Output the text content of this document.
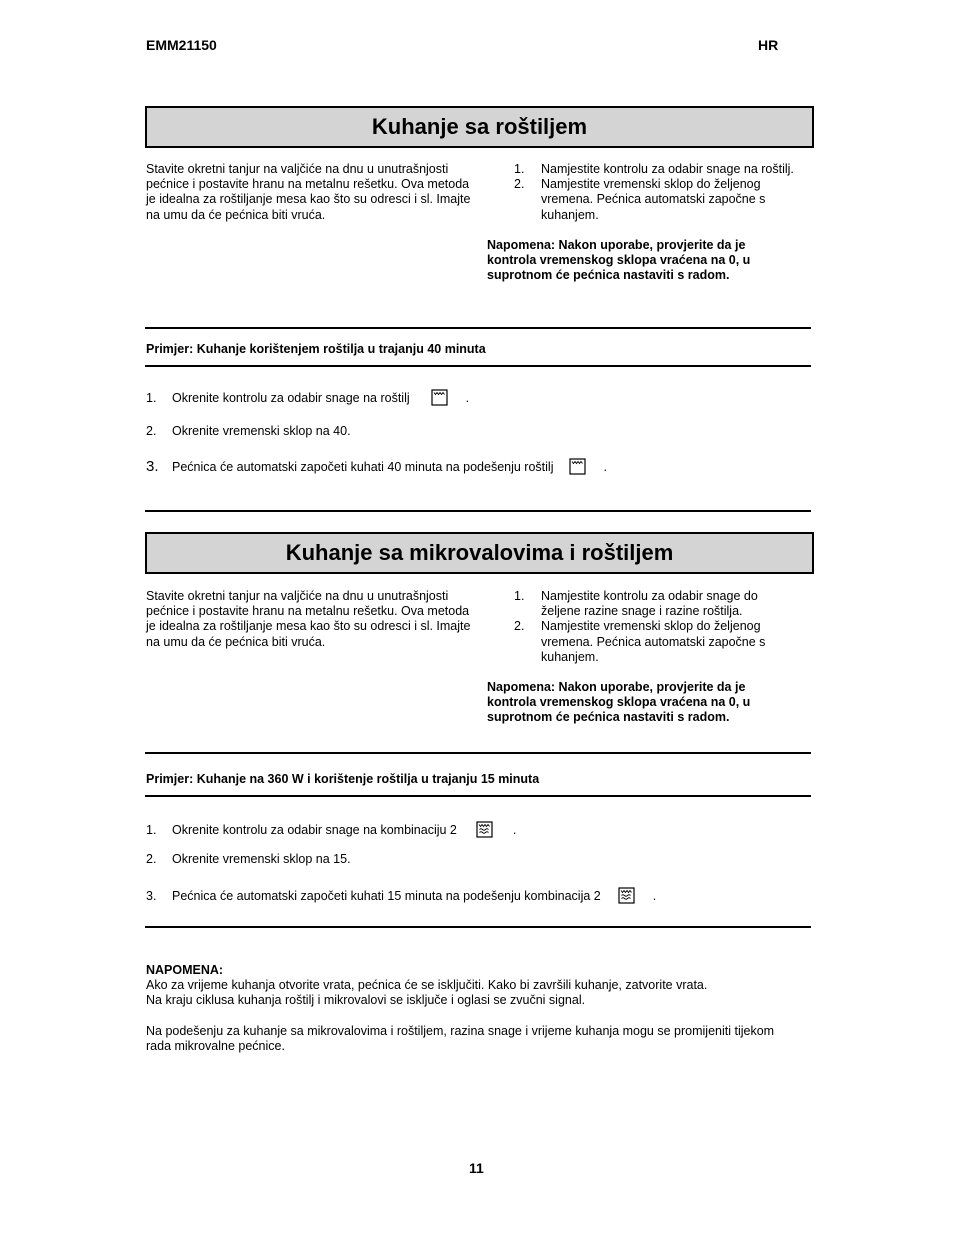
EMM21150	HR
Kuhanje sa roštiljem
Stavite okretni tanjur na valjčiće na dnu u unutrašnjosti pećnice i postavite hranu na metalnu rešetku. Ova metoda je idealna za roštiljanje mesa kao što su odresci i sl. Imajte na umu da će pećnica biti vruća.
1. Namjestite kontrolu za odabir snage na roštilj.
2. Namjestite vremenski sklop do željenog vremena. Pećnica automatski započne s kuhanjem.
Napomena: Nakon uporabe, provjerite da je kontrola vremenskog sklopa vraćena na 0, u suprotnom će pećnica nastaviti s radom.
Primjer: Kuhanje korištenjem roštilja u trajanju 40 minuta
1. Okrenite kontrolu za odabir snage na roštilj	.
2. Okrenite vremenski sklop na 40.
3. Pećnica će automatski započeti kuhati 40 minuta na podešenju roštilj	.
Kuhanje sa mikrovalovima i roštiljem
Stavite okretni tanjur na valjčiće na dnu u unutrašnjosti pećnice i postavite hranu na metalnu rešetku. Ova metoda je idealna za roštiljanje mesa kao što su odresci i sl. Imajte na umu da će pećnica biti vruća.
1. Namjestite kontrolu za odabir snage do željene razine snage i razine roštilja.
2. Namjestite vremenski sklop do željenog vremena. Pećnica automatski započne s kuhanjem.
Napomena: Nakon uporabe, provjerite da je kontrola vremenskog sklopa vraćena na 0, u suprotnom će pećnica nastaviti s radom.
Primjer: Kuhanje na 360 W i korištenje roštilja u trajanju 15 minuta
1. Okrenite kontrolu za odabir snage na kombinaciju 2	.
2. Okrenite vremenski sklop na 15.
3. Pećnica će automatski započeti kuhati 15 minuta na podešenju kombinacija 2	.
NAPOMENA:
Ako za vrijeme kuhanja otvorite vrata, pećnica će se isključiti. Kako bi završili kuhanje, zatvorite vrata.
Na kraju ciklusa kuhanja roštilj i mikrovalovi se isključe i oglasi se zvučni signal.
Na podešenju za kuhanje sa mikrovalovima i roštiljem, razina snage i vrijeme kuhanja mogu se promijeniti tijekom rada mikrovalne pećnice.
11
